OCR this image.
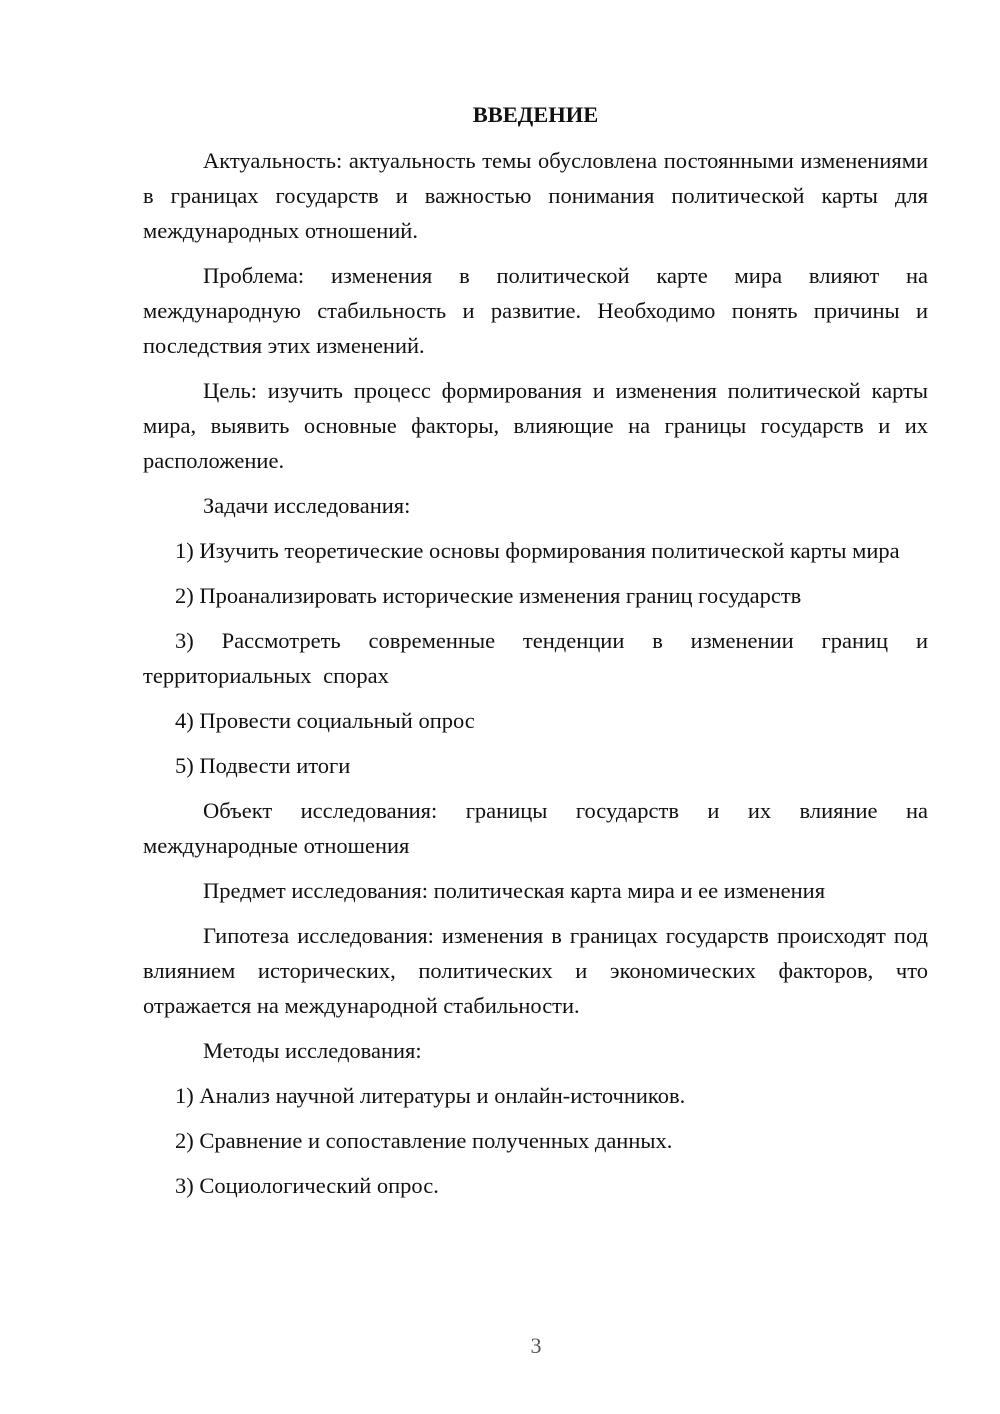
ВВЕДЕНИЕ

Актуальность: актуальность темы обусловлена постоянными изменениями в границах государств и важностью понимания политической карты для международных отношений.

Проблема: изменения в политической карте мира влияют на международную стабильность и развитие. Необходимо понять причины и последствия этих изменений.

Цель: изучить процесс формирования и изменения политической карты мира, выявить основные факторы, влияющие на границы государств и их расположение.

Задачи исследования:

1) Изучить теоретические основы формирования политической карты мира

2) Проанализировать исторические изменения границ государств

3) Рассмотреть современные тенденции в изменении границ и территориальных спорах

4) Провести социальный опрос

5) Подвести итоги

Объект исследования: границы государств и их влияние на международные отношения

Предмет исследования: политическая карта мира и ее изменения

Гипотеза исследования: изменения в границах государств происходят под влиянием исторических, политических и экономических факторов, что отражается на международной стабильности.

Методы исследования:

1) Анализ научной литературы и онлайн-источников.

2) Сравнение и сопоставление полученных данных.

3) Социологический опрос.

3
